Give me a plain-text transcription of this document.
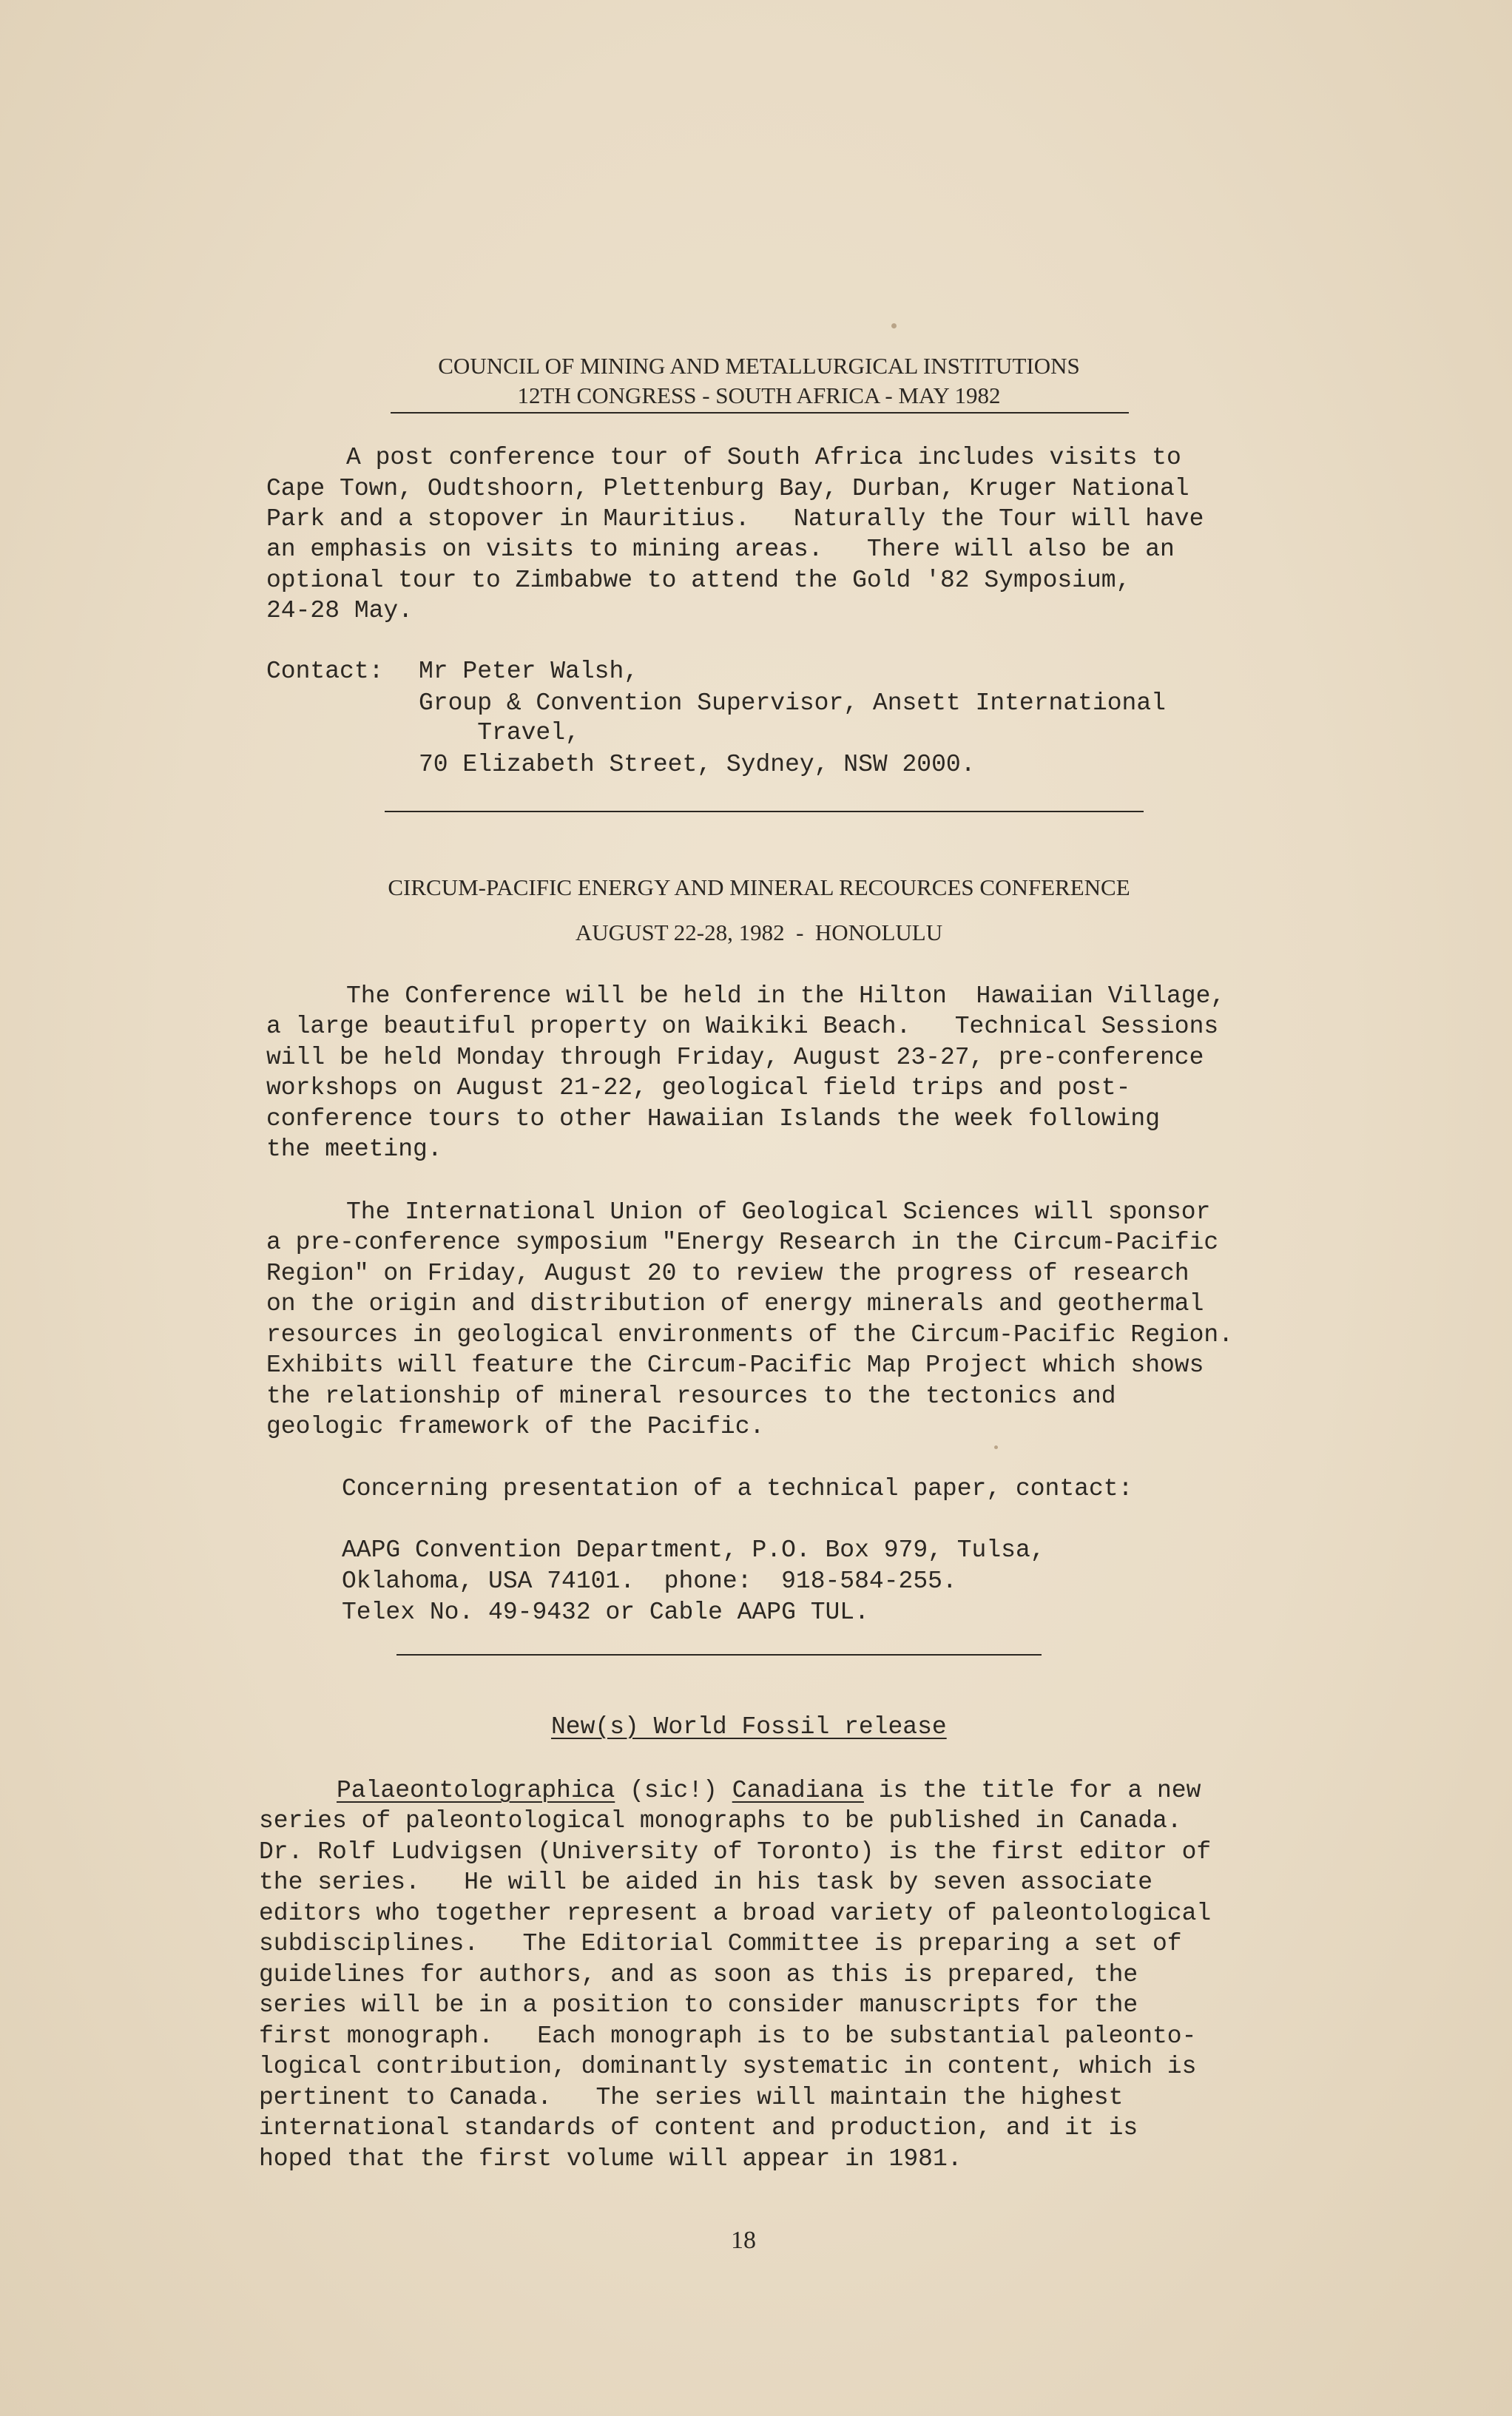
COUNCIL OF MINING AND METALLURGICAL INSTITUTIONS
12TH CONGRESS - SOUTH AFRICA - MAY 1982
A post conference tour of South Africa includes visits to
Cape Town, Oudtshoorn, Plettenburg Bay, Durban, Kruger National
Park and a stopover in Mauritius.   Naturally the Tour will have
an emphasis on visits to mining areas.   There will also be an
optional tour to Zimbabwe to attend the Gold '82 Symposium,
24-28 May.
Contact: Mr Peter Walsh,
Group & Convention Supervisor, Ansett International
Travel,
70 Elizabeth Street, Sydney, NSW 2000.
CIRCUM-PACIFIC ENERGY AND MINERAL RECOURCES CONFERENCE
AUGUST 22-28, 1982  -  HONOLULU
The Conference will be held in the Hilton  Hawaiian Village,
a large beautiful property on Waikiki Beach.   Technical Sessions
will be held Monday through Friday, August 23-27, pre-conference
workshops on August 21-22, geological field trips and post-
conference tours to other Hawaiian Islands the week following
the meeting.
The International Union of Geological Sciences will sponsor
a pre-conference symposium "Energy Research in the Circum-Pacific
Region" on Friday, August 20 to review the progress of research
on the origin and distribution of energy minerals and geothermal
resources in geological environments of the Circum-Pacific Region.
Exhibits will feature the Circum-Pacific Map Project which shows
the relationship of mineral resources to the tectonics and
geologic framework of the Pacific.
Concerning presentation of a technical paper, contact:
AAPG Convention Department, P.O. Box 979, Tulsa,
Oklahoma, USA 74101.  phone:  918-584-255.
Telex No. 49-9432 or Cable AAPG TUL.
New(s) World Fossil release
Palaeontolographica (sic!) Canadiana is the title for a new
series of paleontological monographs to be published in Canada.
Dr. Rolf Ludvigsen (University of Toronto) is the first editor of
the series.   He will be aided in his task by seven associate
editors who together represent a broad variety of paleontological
subdisciplines.   The Editorial Committee is preparing a set of
guidelines for authors, and as soon as this is prepared, the
series will be in a position to consider manuscripts for the
first monograph.   Each monograph is to be substantial paleonto-
logical contribution, dominantly systematic in content, which is
pertinent to Canada.   The series will maintain the highest
international standards of content and production, and it is
hoped that the first volume will appear in 1981.
18
